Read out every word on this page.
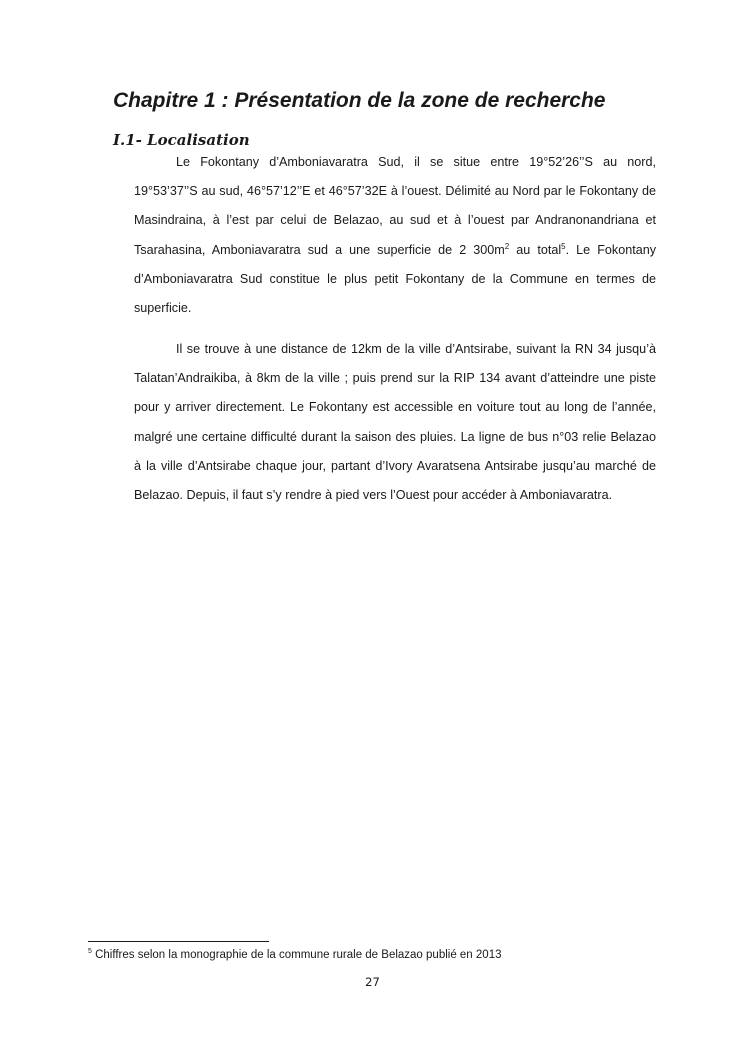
Chapitre 1 : Présentation de la zone de recherche
I.1- Localisation

Le Fokontany d’Amboniavaratra Sud, il se situe entre 19°52’26’’S au nord, 19°53’37’’S au sud, 46°57’12’’E et 46°57’32E à l’ouest. Délimité au Nord par le Fokontany de Masindraina, à l’est par celui de Belazao, au sud et à l’ouest par Andranonandriana et Tsarahasina, Amboniavaratra sud a une superficie de 2 $300m^2$ au total$^5$. Le Fokontany d’Amboniavaratra Sud constitue le plus petit Fokontany de la Commune en termes de superficie.

Il se trouve à une distance de 12km de la ville d’Antsirabe, suivant la RN 34 jusqu’à Talatan’Andraikiba, à 8km de la ville ; puis prend sur la RIP 134 avant d’atteindre une piste pour y arriver directement. Le Fokontany est accessible en voiture tout au long de l’année, malgré une certaine difficulté durant la saison des pluies. La ligne de bus n°03 relie Belazao à la ville d’Antsirabe chaque jour, partant d’Ivory Avaratsena Antsirabe jusqu’au marché de Belazao. Depuis, il faut s’y rendre à pied vers l’Ouest pour accéder à Amboniavaratra.

$^5$ Chiffres selon la monographie de la commune rurale de Belazao publié en 2013

27
